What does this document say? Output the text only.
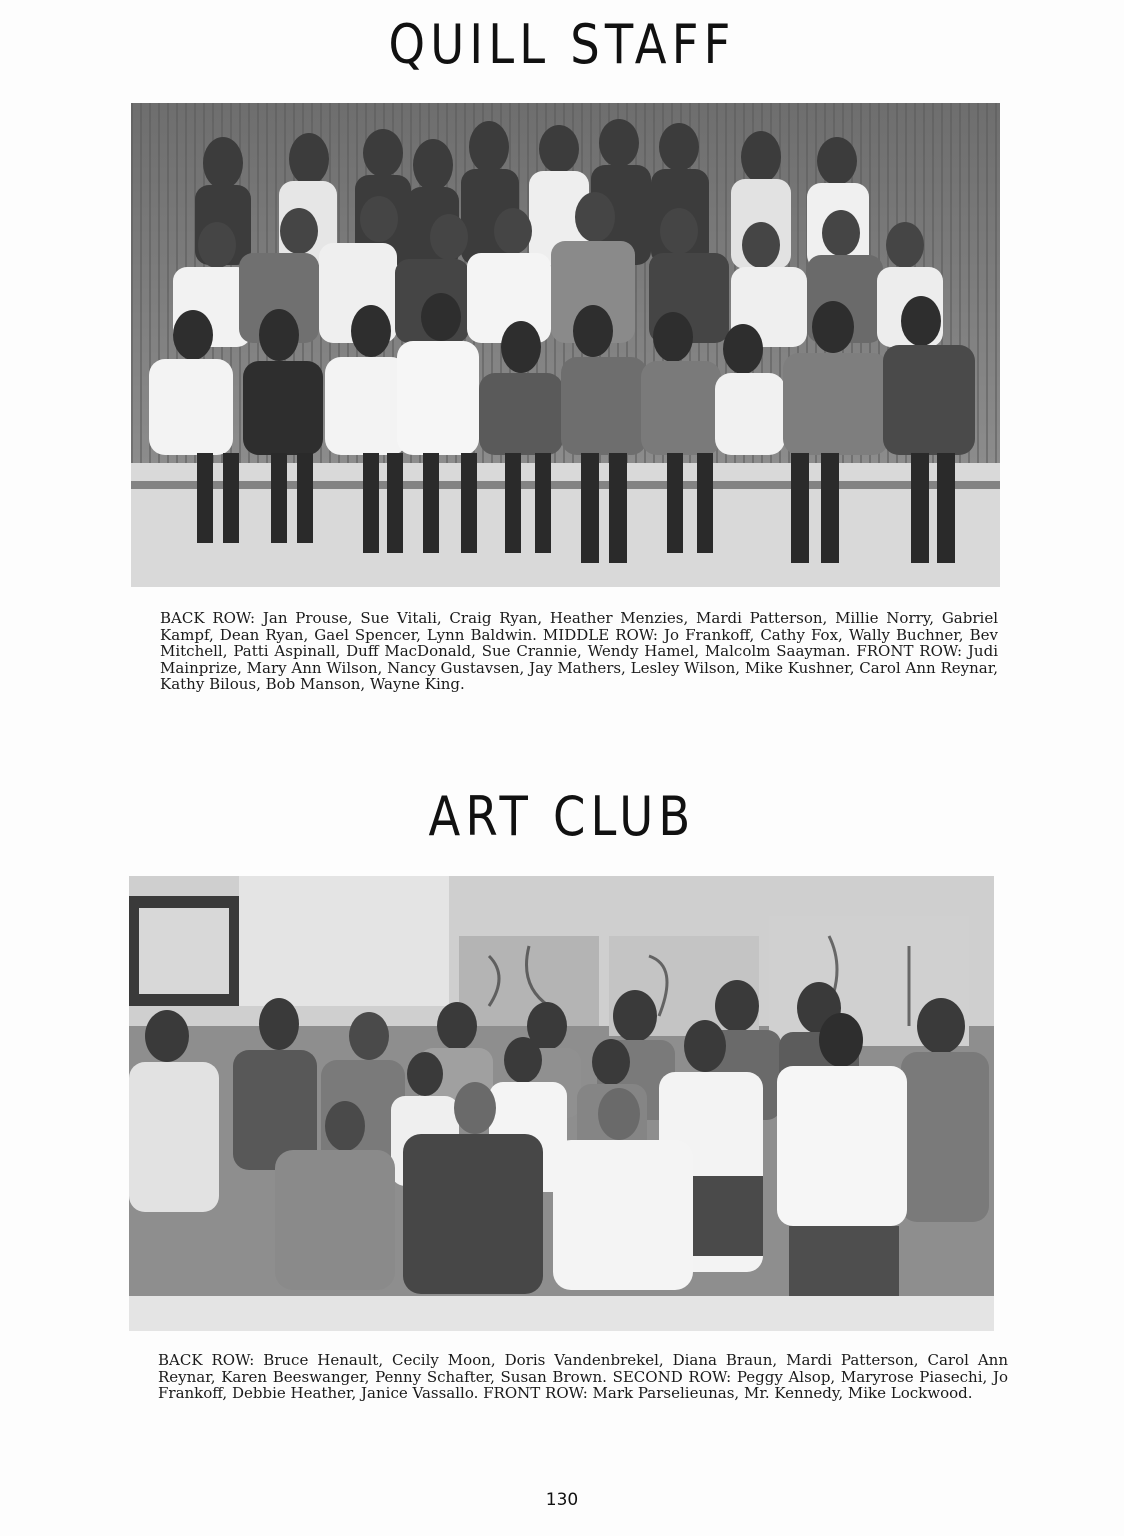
QUILL STAFF

BACK ROW: Jan Prouse, Sue Vitali, Craig Ryan, Heather Menzies, Mardi Patterson, Millie Norry, Gabriel Kampf, Dean Ryan, Gael Spencer, Lynn Baldwin. MIDDLE ROW: Jo Frankoff, Cathy Fox, Wally Buchner, Bev Mitchell, Patti Aspinall, Duff MacDonald, Sue Crannie, Wendy Hamel, Malcolm Saayman. FRONT ROW: Judi Mainprize, Mary Ann Wilson, Nancy Gustavsen, Jay Mathers, Lesley Wilson, Mike Kushner, Carol Ann Reynar, Kathy Bilous, Bob Manson, Wayne King.

ART CLUB

BACK ROW: Bruce Henault, Cecily Moon, Doris Vandenbrekel, Diana Braun, Mardi Patterson, Carol Ann Reynar, Karen Beeswanger, Penny Schafter, Susan Brown. SECOND ROW: Peggy Alsop, Maryrose Piasechi, Jo Frankoff, Debbie Heather, Janice Vassallo. FRONT ROW: Mark Parselieunas, Mr. Kennedy, Mike Lockwood.

130
